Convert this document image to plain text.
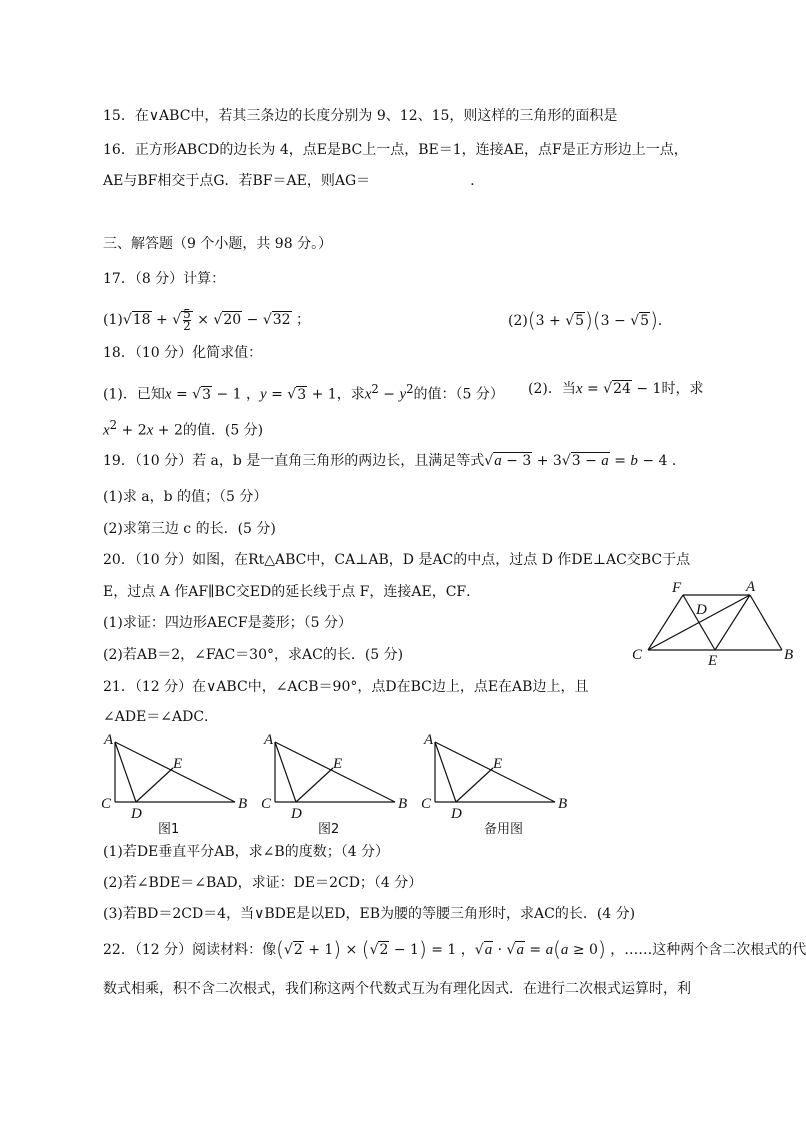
15．在∨ABC中，若其三条边的长度分别为 9、12、15，则这样的三角形的面积是
16．正方形ABCD的边长为 4，点E是BC上一点，BE＝1，连接AE，点F是正方形边上一点，
AE与BF相交于点G．若BF＝AE，则AG＝	.
三、解答题（9 个小题，共 98 分。）
17．（8 分）计算：
(1)√18 + √ $\frac{5}{2} \times √20 - √32$ ；	(2)(3 + √5)(3 − √5)．
18．（10 分）化简求值：
(1)．已知x = √3 − 1 ，y = √3 + 1，求$x^2 - y^2$的值：（5 分） (2)．当x = √24 − 1时，求
$x^2 + 2x + 2$的值．(5 分)
19．（10 分）若 a，b 是一直角三角形的两边长，且满足等式√a − 3 + 3√3 − a = b − 4 ．
(1)求 a，b 的值；（5 分）
(2)求第三边 c 的长．(5 分)
20．（10 分）如图，在Rt△ABC中，CA⊥AB，D 是AC的中点，过点 D 作DE⊥AC交BC于点
E，过点 A 作AF∥BC交ED的延长线于点 F，连接AE，CF．
(1)求证：四边形AECF是菱形；（5 分）
(2)若AB＝2，∠FAC＝30°，求AC的长．(5 分)
F	A
D
C	E	B
21．（12 分）在∨ABC中，∠ACB＝90°，点D在BC边上，点E在AB边上，且
∠ADE＝∠ADC．
A
E
C
D
B
图1
A
E
C
D
B
图2
A
E
C
D
B
备用图
(1)若DE垂直平分AB，求∠B的度数；（4 分）
(2)若∠BDE＝∠BAD，求证：DE＝2CD；（4 分）
(3)若BD＝2CD＝4，当∨BDE是以ED，EB为腰的等腰三角形时，求AC的长．(4 分)
22．（12 分）阅读材料：像(√2 + 1) × (√2 − 1) = 1 ，√a · √a = a(a ≥ 0) ，……这种两个含二次根式的代
数式相乘，积不含二次根式，我们称这两个代数式互为有理化因式．在进行二次根式运算时，利
